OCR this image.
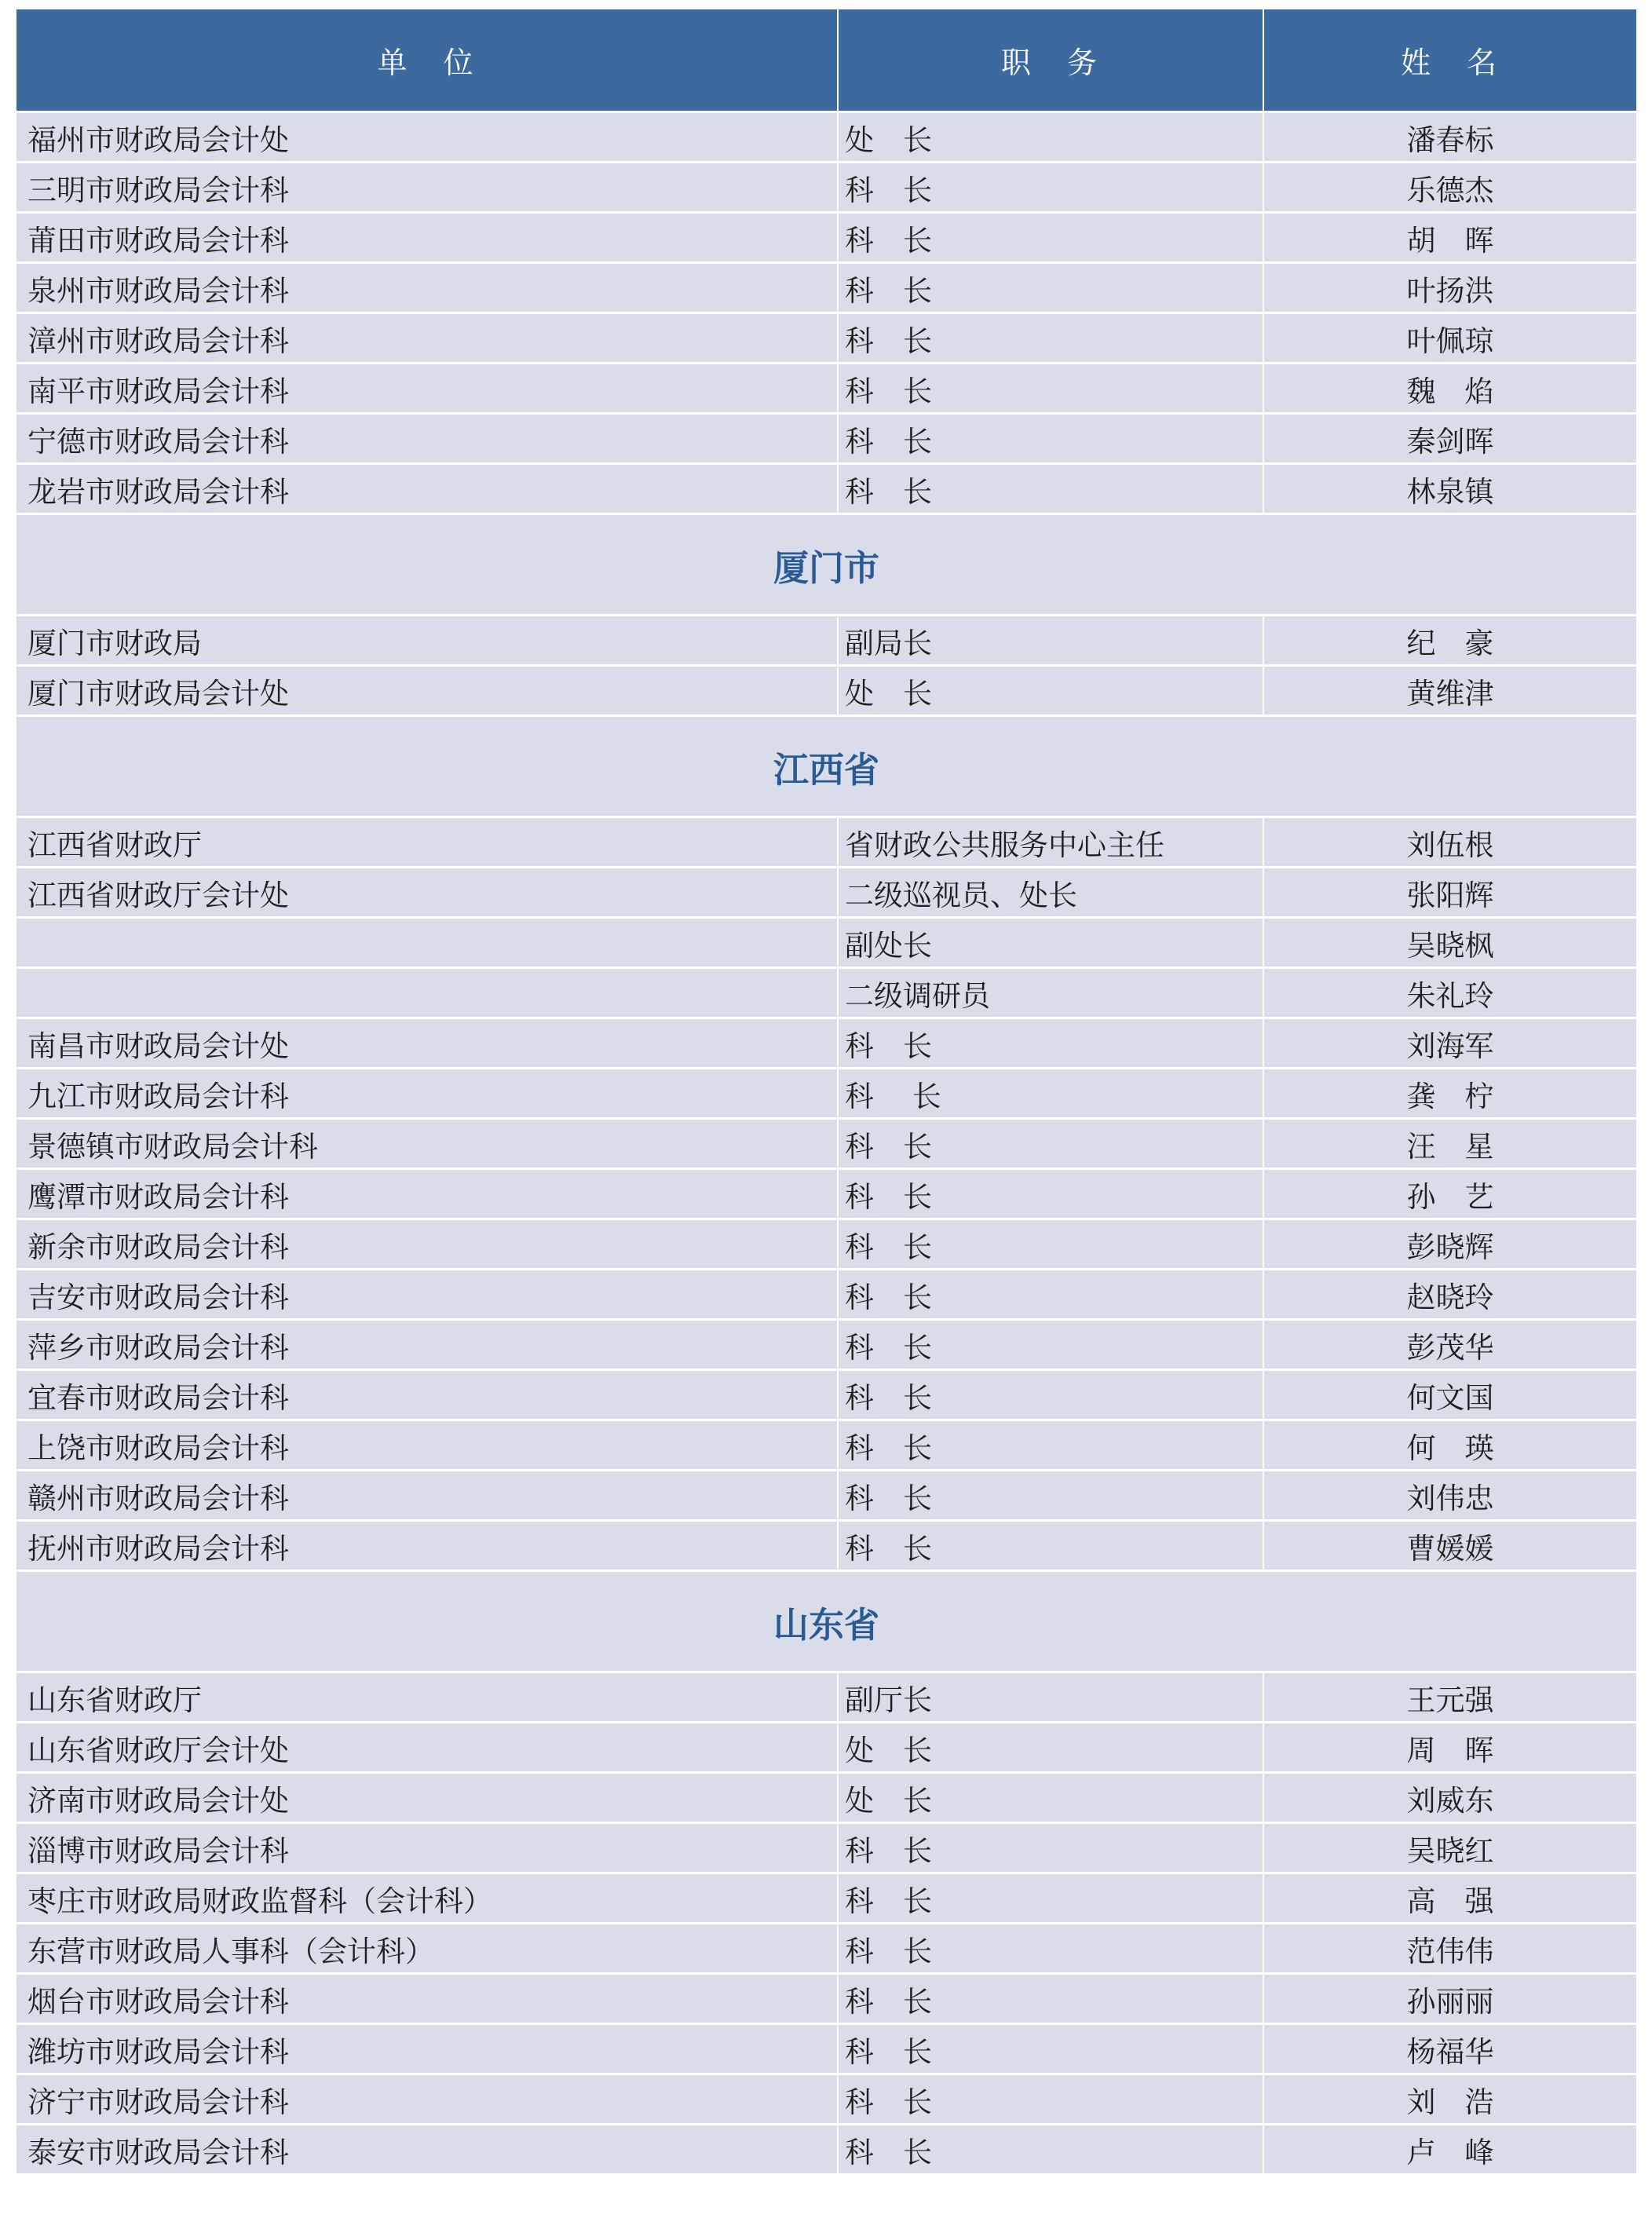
单　位	职　务	姓　名
福州市财政局会计处	处　长	潘春标
三明市财政局会计科	科　长	乐德杰
莆田市财政局会计科	科　长	胡　晖
泉州市财政局会计科	科　长	叶扬洪
漳州市财政局会计科	科　长	叶佩琼
南平市财政局会计科	科　长	魏　焰
宁德市财政局会计科	科　长	秦剑晖
龙岩市财政局会计科	科　长	林泉镇
厦门市		
厦门市财政局	副局长	纪　豪
厦门市财政局会计处	处　长	黄维津
江西省		
江西省财政厅	省财政公共服务中心主任	刘伍根
江西省财政厅会计处	二级巡视员、处长	张阳辉
	副处长	吴晓枫
	二级调研员	朱礼玲
南昌市财政局会计处	科　长	刘海军
九江市财政局会计科	科　 长	龚　柠
景德镇市财政局会计科	科　长	汪　星
鹰潭市财政局会计科	科　长	孙　艺
新余市财政局会计科	科　长	彭晓辉
吉安市财政局会计科	科　长	赵晓玲
萍乡市财政局会计科	科　长	彭茂华
宜春市财政局会计科	科　长	何文国
上饶市财政局会计科	科　长	何　瑛
赣州市财政局会计科	科　长	刘伟忠
抚州市财政局会计科	科　长	曹媛媛
山东省		
山东省财政厅	副厅长	王元强
山东省财政厅会计处	处　长	周　晖
济南市财政局会计处	处　长	刘威东
淄博市财政局会计科	科　长	吴晓红
枣庄市财政局财政监督科（会计科）	科　长	高　强
东营市财政局人事科（会计科）	科　长	范伟伟
烟台市财政局会计科	科　长	孙丽丽
潍坊市财政局会计科	科　长	杨福华
济宁市财政局会计科	科　长	刘　浩
泰安市财政局会计科	科　长	卢　峰
